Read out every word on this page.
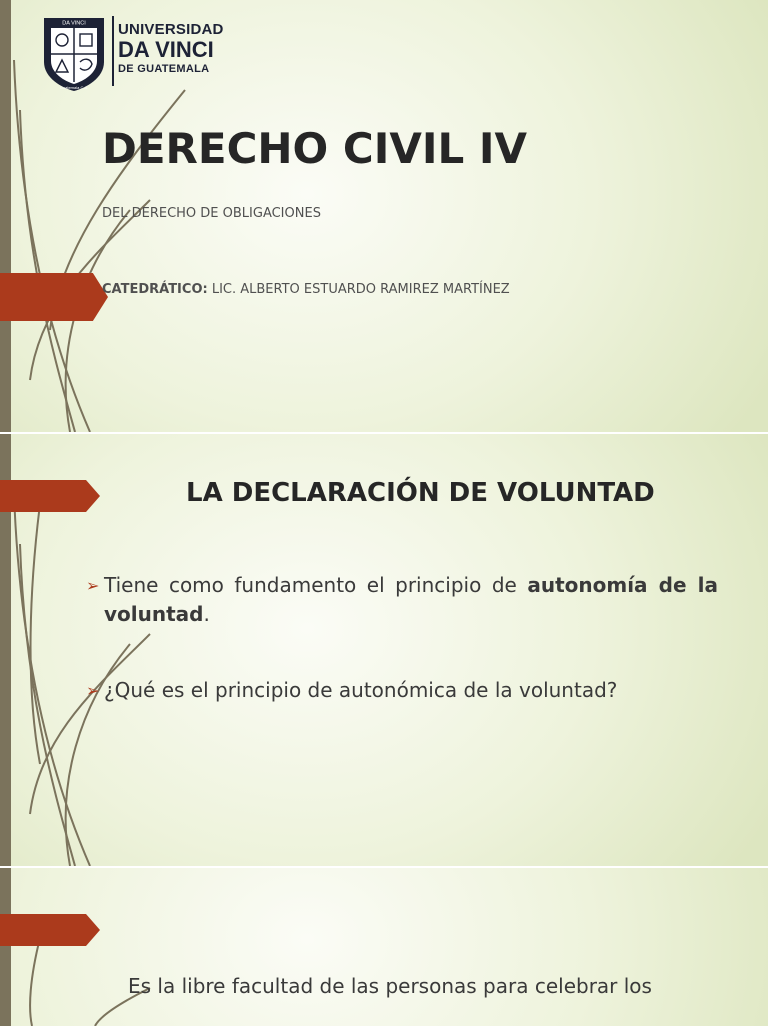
DA VINCI
Guatemala C.A.
UNIVERSIDAD
DA VINCI
DE GUATEMALA
DERECHO CIVIL IV
DEL DERECHO DE OBLIGACIONES
CATEDRÁTICO: LIC. ALBERTO ESTUARDO RAMIREZ MARTÍNEZ
LA DECLARACIÓN DE VOLUNTAD
➢ Tiene como fundamento el principio de autonomía de la voluntad.
➢ ¿Qué es el principio de autonómica de la voluntad?
Es la libre facultad de las personas para celebrar los
